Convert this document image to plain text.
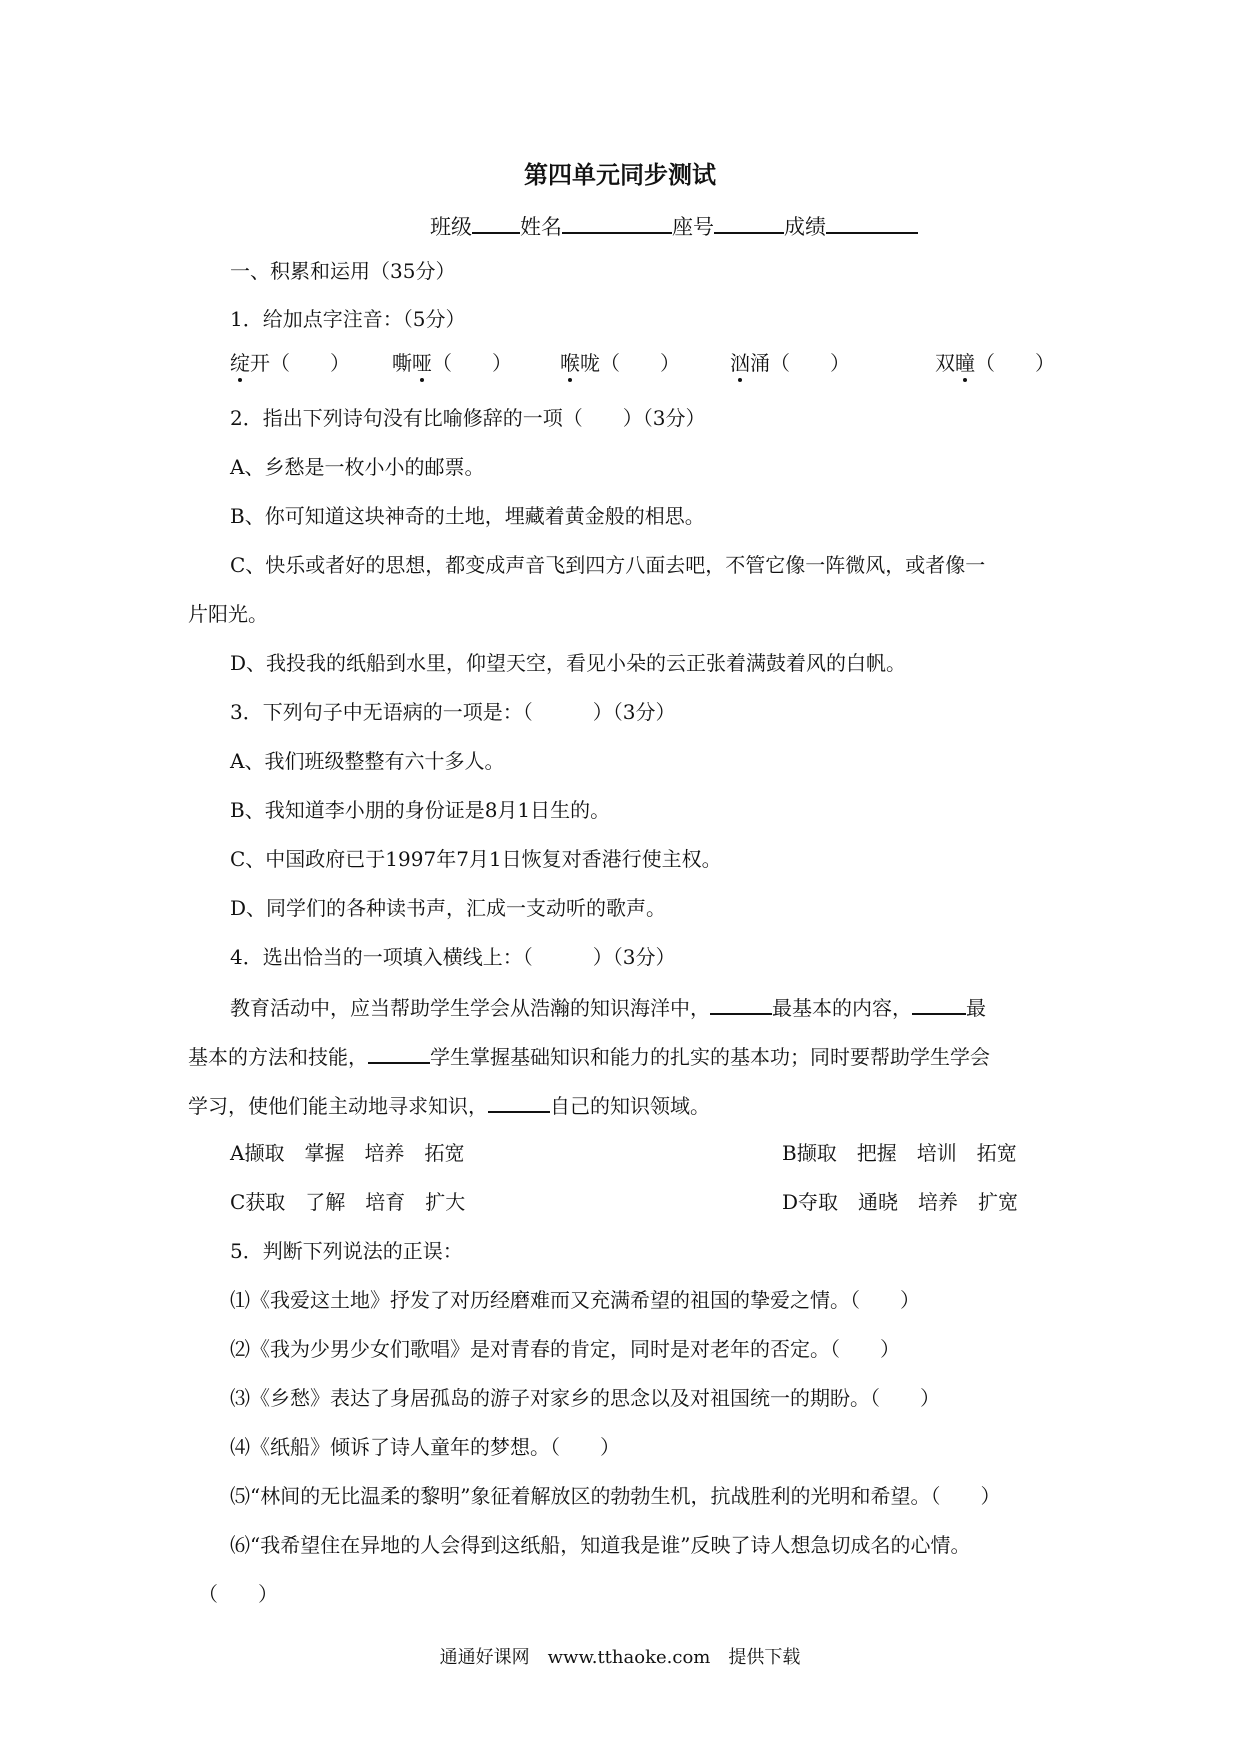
第四单元同步测试
班级 姓名	座号	成绩
一、积累和运用（35分）
1．给加点字注音：（5分）
绽开（　　） 嘶哑（　　） 喉咙（　　）	汹涌（　　）	双瞳（　　）
2．指出下列诗句没有比喻修辞的一项（　　）（3分）
A、乡愁是一枚小小的邮票。
B、你可知道这块神奇的土地，埋藏着黄金般的相思。
C、快乐或者好的思想，都变成声音飞到四方八面去吧，不管它像一阵微风，或者像一
片阳光。
D、我投我的纸船到水里，仰望天空，看见小朵的云正张着满鼓着风的白帆。
3．下列句子中无语病的一项是：（　　　）（3分）
A、我们班级整整有六十多人。
B、我知道李小朋的身份证是8月1日生的。
C、中国政府已于1997年7月1日恢复对香港行使主权。
D、同学们的各种读书声，汇成一支动听的歌声。
4．选出恰当的一项填入横线上：（　　　）（3分）
教育活动中，应当帮助学生学会从浩瀚的知识海洋中，	最基本的内容，	最
基本的方法和技能，	学生掌握基础知识和能力的扎实的基本功；同时要帮助学生学会
学习，使他们能主动地寻求知识，	自己的知识领域。
A撷取　掌握　培养　拓宽	B撷取　把握　培训　拓宽
C获取　了解　培育　扩大	D夺取　通晓　培养　扩宽
5．判断下列说法的正误：
⑴《我爱这土地》抒发了对历经磨难而又充满希望的祖国的挚爱之情。（　　）
⑵《我为少男少女们歌唱》是对青春的肯定，同时是对老年的否定。（　　）
⑶《乡愁》表达了身居孤岛的游子对家乡的思念以及对祖国统一的期盼。（　　）
⑷《纸船》倾诉了诗人童年的梦想。（　　）
⑸“林间的无比温柔的黎明”象征着解放区的勃勃生机，抗战胜利的光明和希望。（　　）
⑹“我希望住在异地的人会得到这纸船，知道我是谁”反映了诗人想急切成名的心情。
（　　）
通通好课网　www.tthaoke.com　提供下载
